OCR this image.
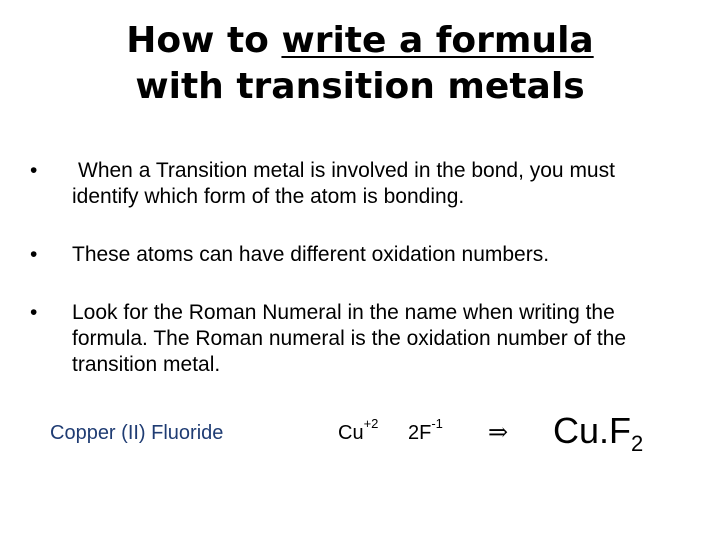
How to write a formula
with transition metals
•	When a Transition metal is involved in the bond, you must identify which form of the atom is bonding.
•	These atoms can have different oxidation numbers.
•	Look for the Roman Numeral in the name when writing the formula. The Roman numeral is the oxidation number of the transition metal.
Copper (II) Fluoride	$Cu^{+2}$ $2F^{-1}$ ⇒ $Cu.F_2$
